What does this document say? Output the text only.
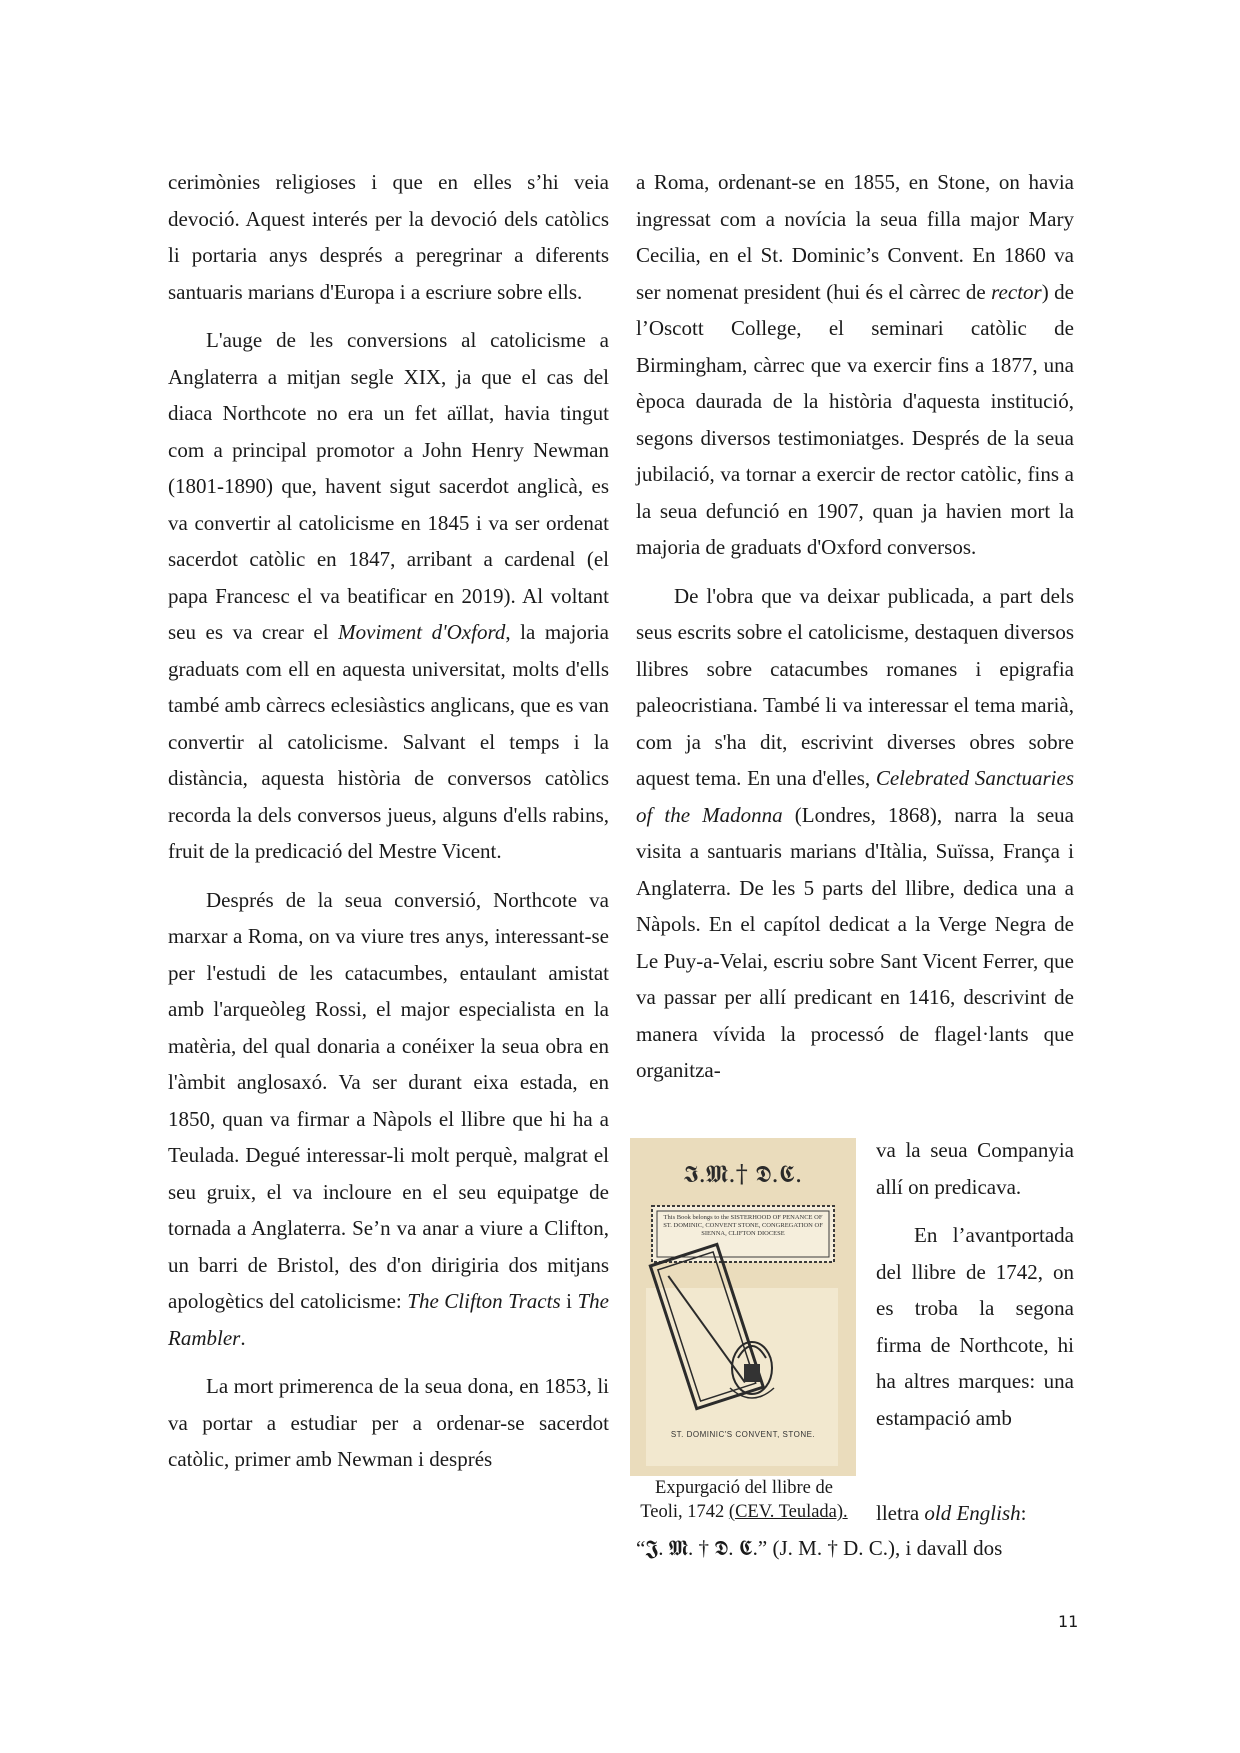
cerimònies religioses i que en elles s’hi veia devoció. Aquest interés per la devoció dels catòlics li portaria anys després a peregrinar a diferents santuaris marians d'Europa i a escriure sobre ells.

L'auge de les conversions al catolicisme a Anglaterra a mitjan segle XIX, ja que el cas del diaca Northcote no era un fet aïllat, havia tingut com a principal promotor a John Henry Newman (1801-1890) que, havent sigut sacerdot anglicà, es va convertir al catolicisme en 1845 i va ser ordenat sacerdot catòlic en 1847, arribant a cardenal (el papa Francesc el va beatificar en 2019). Al voltant seu es va crear el Moviment d'Oxford, la majoria graduats com ell en aquesta universitat, molts d'ells també amb càrrecs eclesiàstics anglicans, que es van convertir al catolicisme. Salvant el temps i la distància, aquesta història de conversos catòlics recorda la dels conversos jueus, alguns d'ells rabins, fruit de la predicació del Mestre Vicent.

Després de la seua conversió, Northcote va marxar a Roma, on va viure tres anys, interessant-se per l'estudi de les catacumbes, entaulant amistat amb l'arqueòleg Rossi, el major especialista en la matèria, del qual donaria a conéixer la seua obra en l'àmbit anglosaxó. Va ser durant eixa estada, en 1850, quan va firmar a Nàpols el llibre que hi ha a Teulada. Degué interessar-li molt perquè, malgrat el seu gruix, el va incloure en el seu equipatge de tornada a Anglaterra. Se’n va anar a viure a Clifton, un barri de Bristol, des d'on dirigiria dos mitjans apologètics del catolicisme: The Clifton Tracts i The Rambler.

La mort primerenca de la seua dona, en 1853, li va portar a estudiar per a ordenar-se sacerdot catòlic, primer amb Newman i després

a Roma, ordenant-se en 1855, en Stone, on havia ingressat com a novícia la seua filla major Mary Cecilia, en el St. Dominic’s Convent. En 1860 va ser nomenat president (hui és el càrrec de rector) de l’Oscott College, el seminari catòlic de Birmingham, càrrec que va exercir fins a 1877, una època daurada de la història d'aquesta institució, segons diversos testimoniatges. Després de la seua jubilació, va tornar a exercir de rector catòlic, fins a la seua defunció en 1907, quan ja havien mort la majoria de graduats d'Oxford conversos.

De l'obra que va deixar publicada, a part dels seus escrits sobre el catolicisme, destaquen diversos llibres sobre catacumbes romanes i epigrafia paleocristiana. També li va interessar el tema marià, com ja s'ha dit, escrivint diverses obres sobre aquest tema. En una d'elles, Celebrated Sanctuaries of the Madonna (Londres, 1868), narra la seua visita a santuaris marians d'Itàlia, Suïssa, França i Anglaterra. De les 5 parts del llibre, dedica una a Nàpols. En el capítol dedicat a la Verge Negra de Le Puy-a-Velai, escriu sobre Sant Vicent Ferrer, que va passar per allí predicant en 1416, descrivint de manera vívida la processó de flagel·lants que organitza-

𝕴.𝕸.† 𝕯.𝕮.
This Book belongs to the SISTERHOOD OF PENANCE OF ST. DOMINIC, CONVENT STONE, CONGREGATION OF SIENNA, CLIFTON DIOCESE
ST. DOMINIC'S CONVENT, STONE.
Expurgació del llibre de
Teoli, 1742 (CEV. Teulada).

va la seua Companyia allí on predicava.

En l’avantportada del llibre de 1742, on es troba la segona firma de Northcote, hi ha altres marques: una estampació amb

lletra old English:
“𝕵. 𝕸. † 𝕯. 𝕮.” (J. M. † D. C.), i davall dos
11
